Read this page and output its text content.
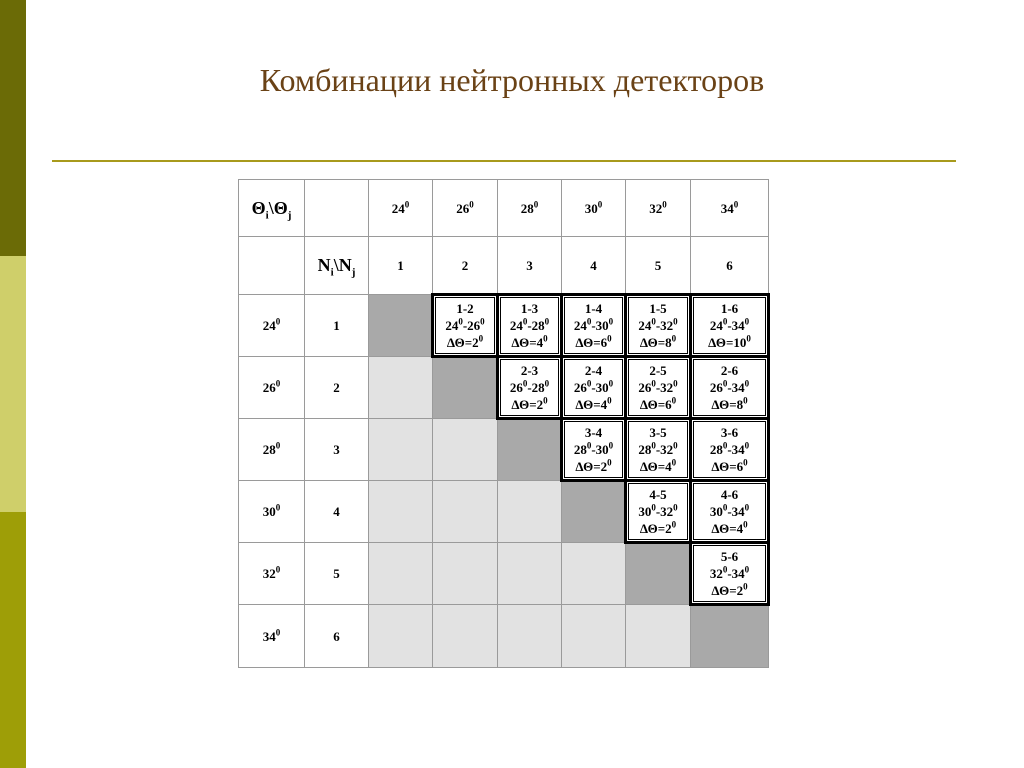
Комбинации нейтронных детекторов
$\Theta_i\backslash\Theta_j$		$24^0$	$26^0$	$28^0$	$30^0$	$32^0$	$34^0$
	$N_i\backslash N_j$	1	2	3	4	5	6
$24^0$	1		1-2
$24^0-26^0$
$\Delta\Theta=2^0$	1-3
$24^0-28^0$
$\Delta\Theta=4^0$	1-4
$24^0-30^0$
$\Delta\Theta=6^0$	1-5
$24^0-32^0$
$\Delta\Theta=8^0$	1-6
$24^0-34^0$
$\Delta\Theta=10^0$

$26^0$	2			2-3
$26^0-28^0$
$\Delta\Theta=2^0$	2-4
$26^0-30^0$
$\Delta\Theta=4^0$	2-5
$26^0-32^0$
$\Delta\Theta=6^0$	2-6
$26^0-34^0$
$\Delta\Theta=8^0$

$28^0$	3				3-4
$28^0-30^0$
$\Delta\Theta=2^0$	3-5
$28^0-32^0$
$\Delta\Theta=4^0$	3-6
$28^0-34^0$
$\Delta\Theta=6^0$

$30^0$	4					4-5
$30^0-32^0$
$\Delta\Theta=2^0$	4-6
$30^0-34^0$
$\Delta\Theta=4^0$

$32^0$	5						5-6
$32^0-34^0$
$\Delta\Theta=2^0$

$34^0$	6						
